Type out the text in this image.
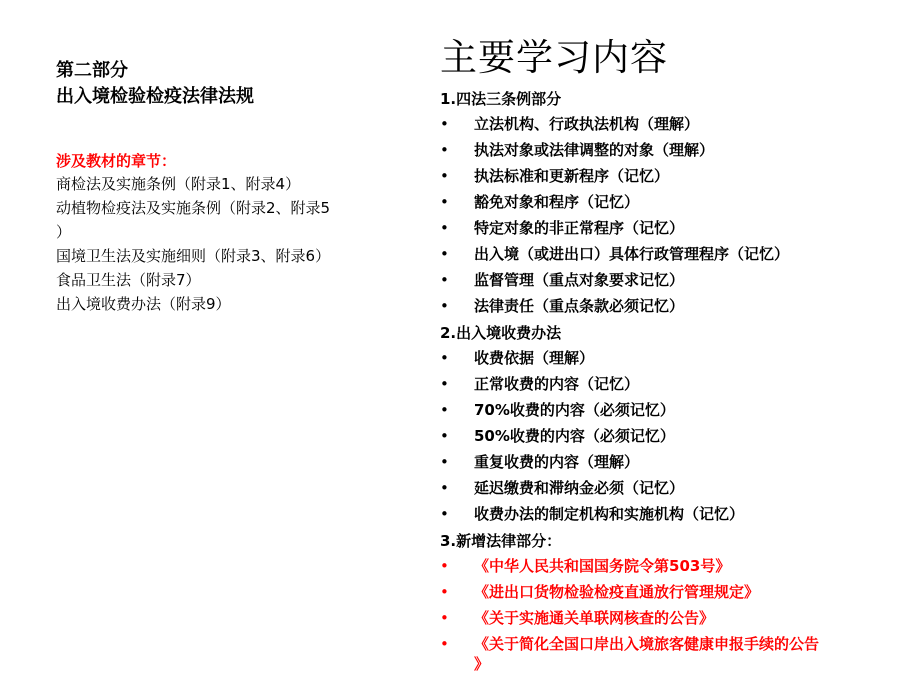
第二部分
出入境检验检疫法律法规
涉及教材的章节：
商检法及实施条例（附录1、附录4）
动植物检疫法及实施条例（附录2、附录5
）
国境卫生法及实施细则（附录3、附录6）
食品卫生法（附录7）
出入境收费办法（附录9）
主要学习内容
1.四法三条例部分
• 立法机构、行政执法机构（理解）
• 执法对象或法律调整的对象（理解）
• 执法标准和更新程序（记忆）
• 豁免对象和程序（记忆）
• 特定对象的非正常程序（记忆）
• 出入境（或进出口）具体行政管理程序（记忆）
• 监督管理（重点对象要求记忆）
• 法律责任（重点条款必须记忆）
2.出入境收费办法
• 收费依据（理解）
• 正常收费的内容（记忆）
• 70%收费的内容（必须记忆）
• 50%收费的内容（必须记忆）
• 重复收费的内容（理解）
• 延迟缴费和滞纳金必须（记忆）
• 收费办法的制定机构和实施机构（记忆）
3.新增法律部分：
• 《中华人民共和国国务院令第503号》
• 《进出口货物检验检疫直通放行管理规定》
• 《关于实施通关单联网核查的公告》
• 《关于简化全国口岸出入境旅客健康申报手续的公告
》
